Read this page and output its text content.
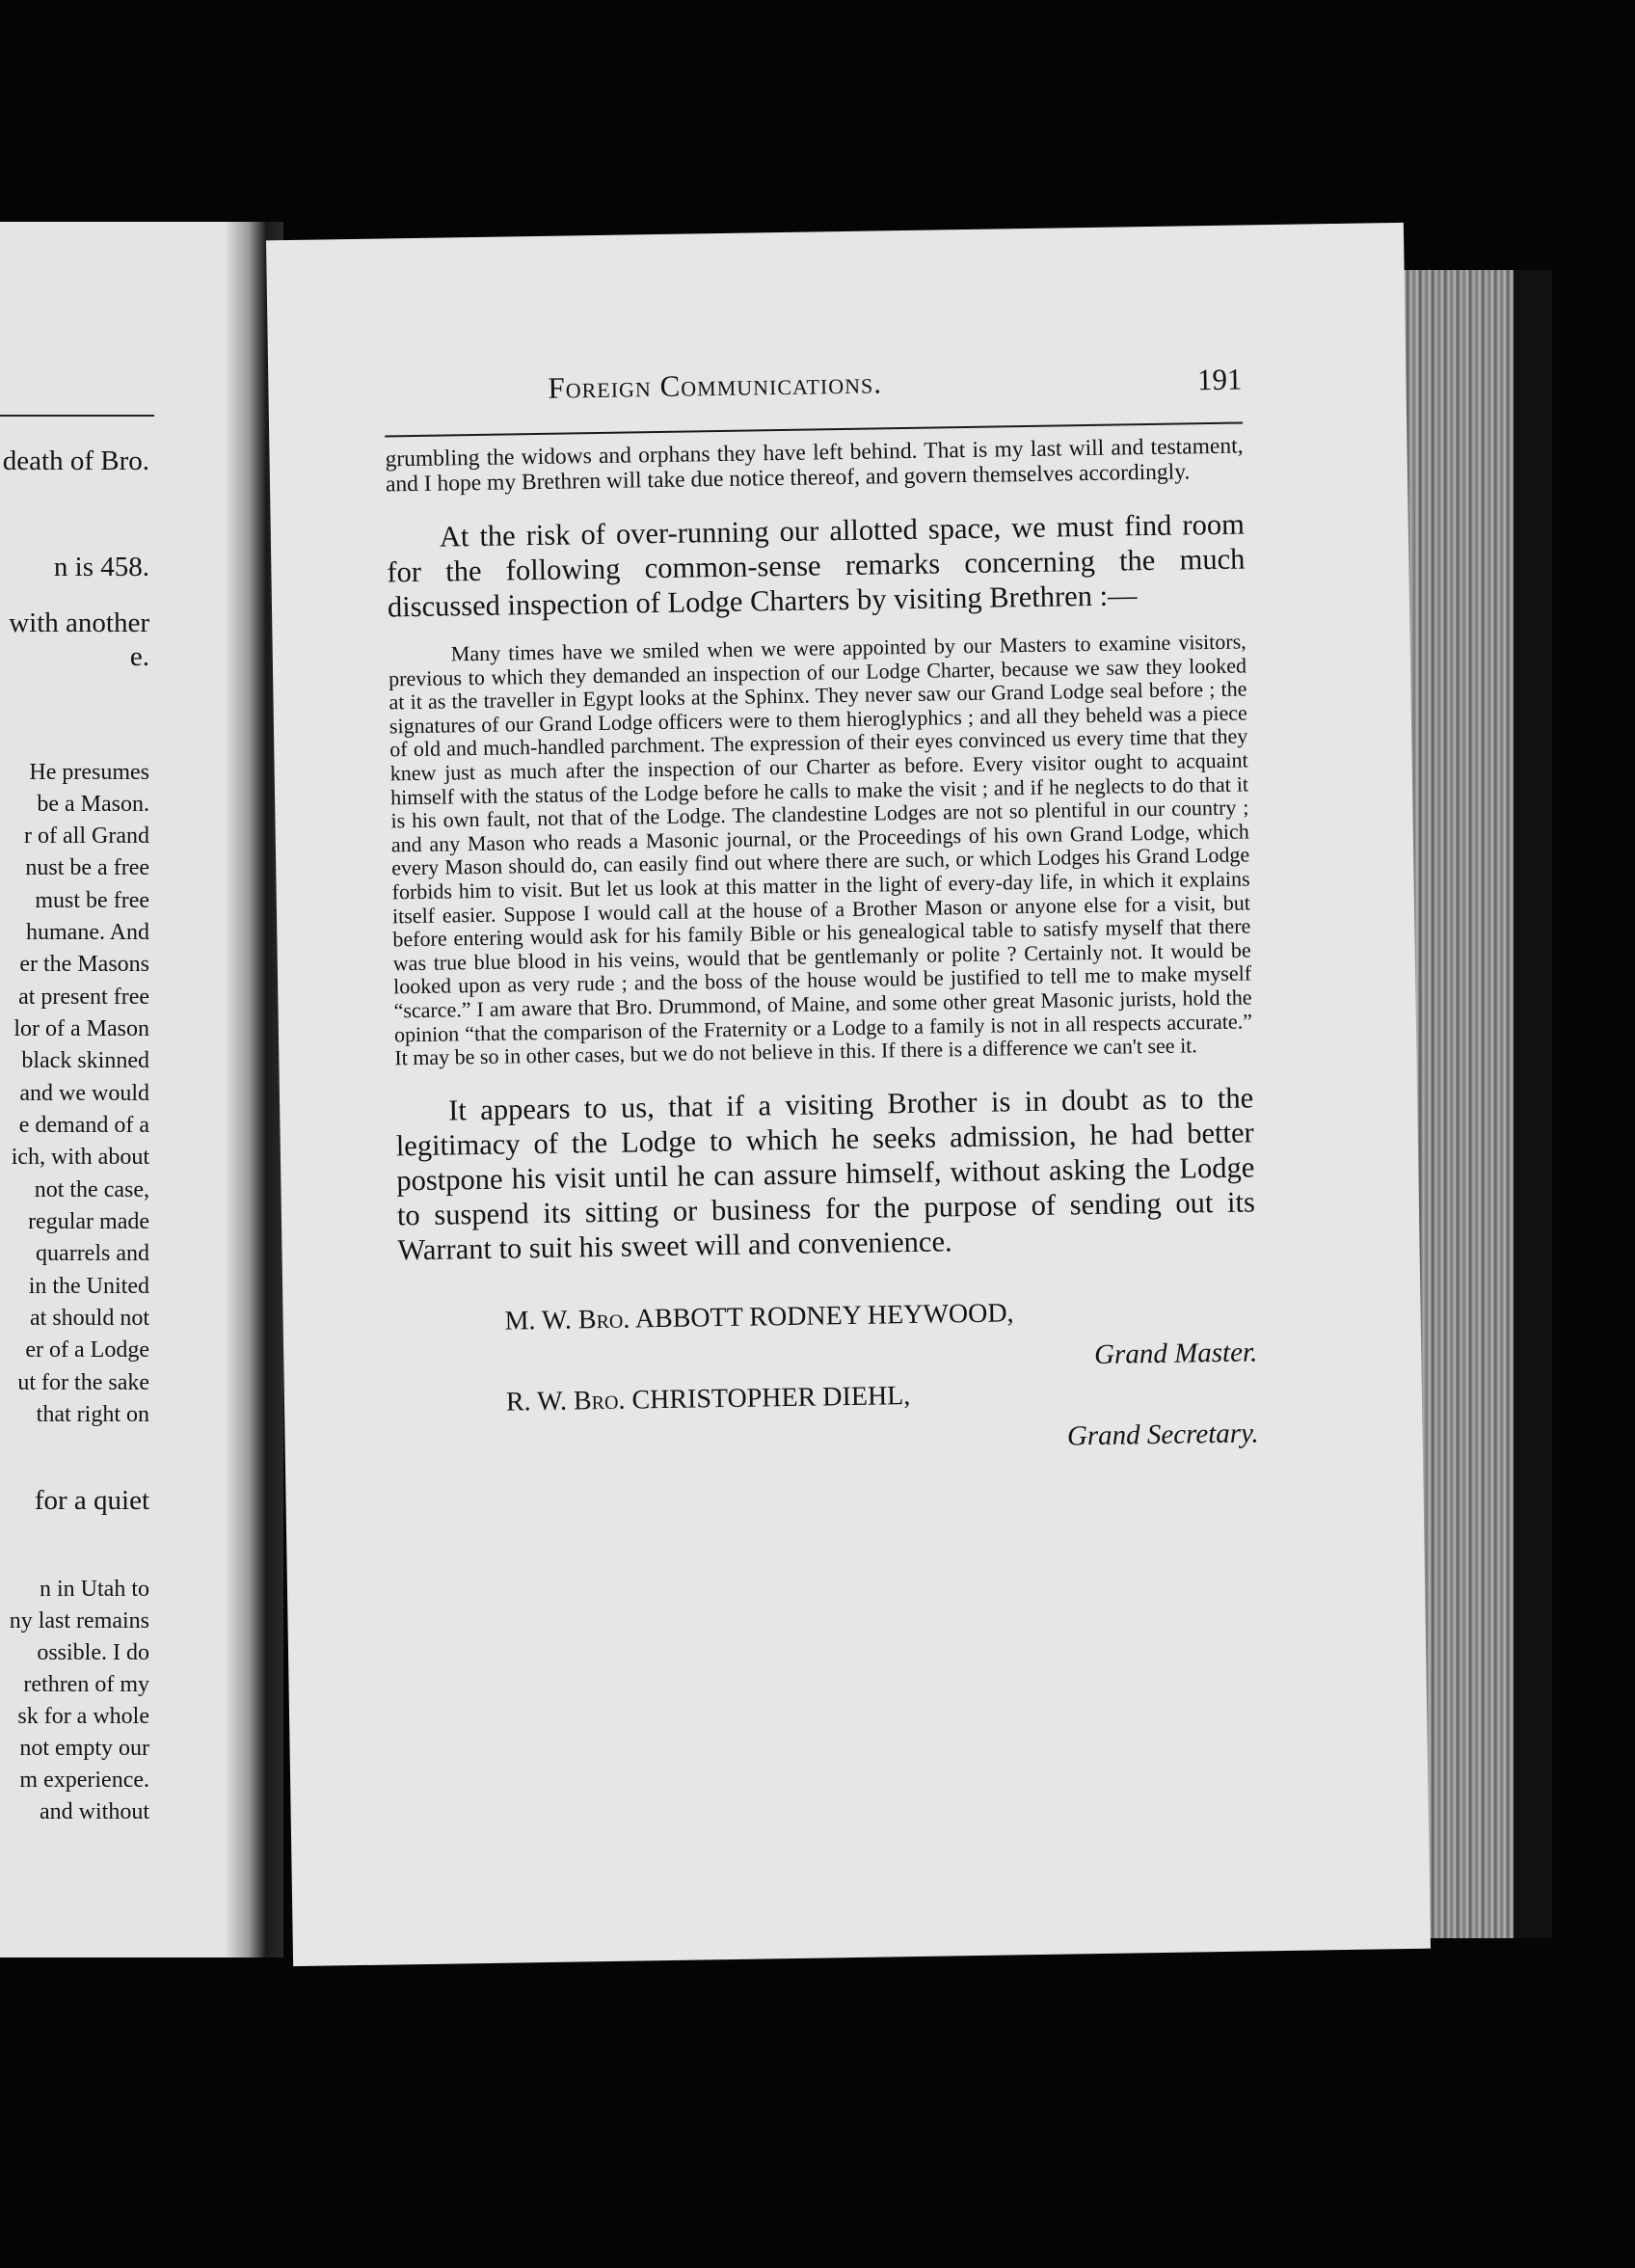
death of Bro.
n is 458.
with another
e.
He presumes
be a Mason.
r of all Grand
nust be a free
must be free
humane. And
er the Masons
at present free
lor of a Mason
black skinned
and we would
e demand of a
ich, with about
not the case,
regular made
quarrels and
in the United
at should not
er of a Lodge
ut for the sake
that right on
for a quiet
n in Utah to
ny last remains
ossible. I do
rethren of my
sk for a whole
not empty our
m experience.
and without
Foreign Communications.	191

grumbling the widows and orphans they have left behind. That is my last will and testament, and I hope my Brethren will take due notice thereof, and govern themselves accordingly.

At the risk of over-running our allotted space, we must find room for the following common-sense remarks concerning the much discussed inspection of Lodge Charters by visiting Brethren :—

Many times have we smiled when we were appointed by our Masters to examine visitors, previous to which they demanded an inspection of our Lodge Charter, because we saw they looked at it as the traveller in Egypt looks at the Sphinx. They never saw our Grand Lodge seal before ; the signatures of our Grand Lodge officers were to them hieroglyphics ; and all they beheld was a piece of old and much-handled parchment. The expression of their eyes convinced us every time that they knew just as much after the inspection of our Charter as before. Every visitor ought to acquaint himself with the status of the Lodge before he calls to make the visit ; and if he neglects to do that it is his own fault, not that of the Lodge. The clandestine Lodges are not so plentiful in our country ; and any Mason who reads a Masonic journal, or the Proceedings of his own Grand Lodge, which every Mason should do, can easily find out where there are such, or which Lodges his Grand Lodge forbids him to visit. But let us look at this matter in the light of every-day life, in which it explains itself easier. Suppose I would call at the house of a Brother Mason or anyone else for a visit, but before entering would ask for his family Bible or his genealogical table to satisfy myself that there was true blue blood in his veins, would that be gentlemanly or polite ? Certainly not. It would be looked upon as very rude ; and the boss of the house would be justified to tell me to make myself “scarce.” I am aware that Bro. Drummond, of Maine, and some other great Masonic jurists, hold the opinion “that the comparison of the Fraternity or a Lodge to a family is not in all respects accurate.” It may be so in other cases, but we do not believe in this. If there is a difference we can't see it.

It appears to us, that if a visiting Brother is in doubt as to the legitimacy of the Lodge to which he seeks admission, he had better postpone his visit until he can assure himself, without asking the Lodge to suspend its sitting or business for the purpose of sending out its Warrant to suit his sweet will and convenience.

M. W. Bro. ABBOTT RODNEY HEYWOOD,
Grand Master.
R. W. Bro. CHRISTOPHER DIEHL,
Grand Secretary.
